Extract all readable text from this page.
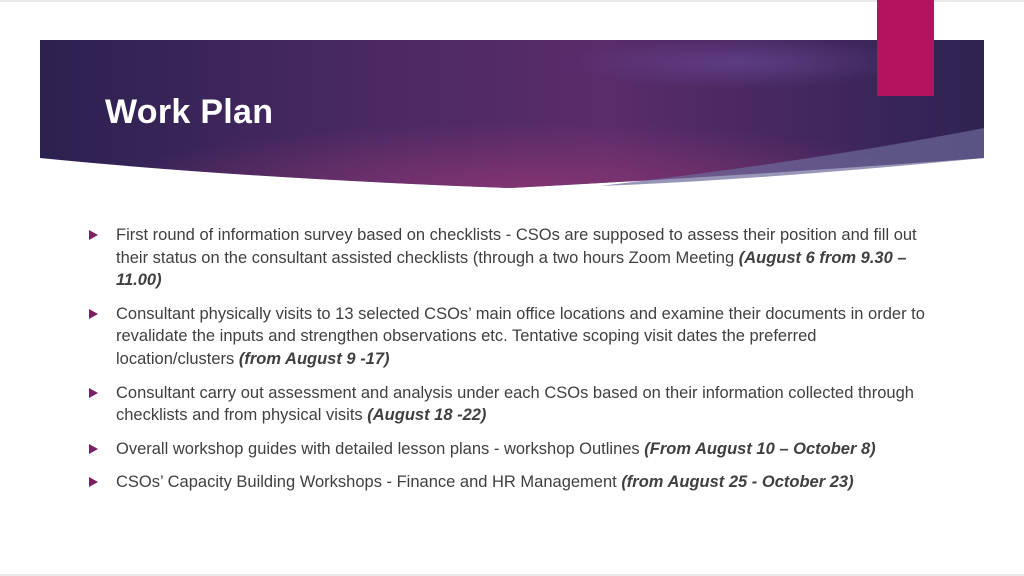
Work Plan
First round of information survey based on checklists - CSOs are supposed to assess their position and fill out their status on the consultant assisted checklists (through a two hours Zoom Meeting (August 6 from 9.30 – 11.00)
Consultant physically visits to 13 selected CSOs’ main office locations and examine their documents in order to revalidate the inputs and strengthen observations etc. Tentative scoping visit dates the preferred location/clusters (from August 9 -17)
Consultant carry out assessment and analysis under each CSOs based on their information collected through checklists and from physical visits (August 18 -22)
Overall workshop guides with detailed lesson plans - workshop Outlines (From August 10 – October 8)
CSOs’ Capacity Building Workshops - Finance and HR Management (from August 25 - October 23)
